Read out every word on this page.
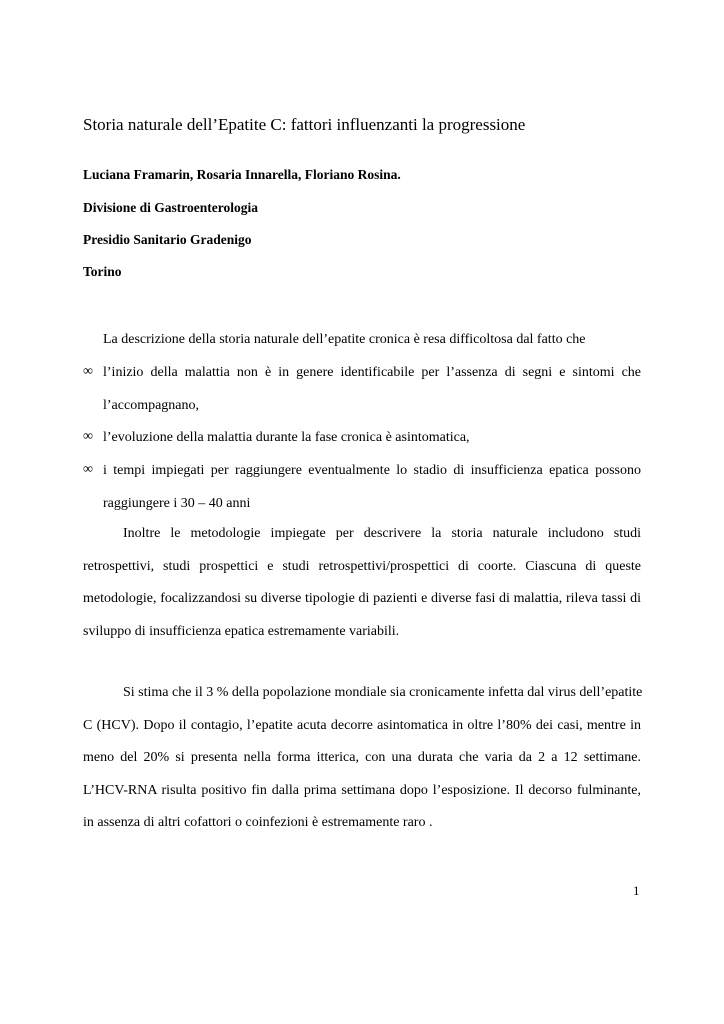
Storia naturale dell’Epatite C: fattori influenzanti la progressione
Luciana Framarin, Rosaria Innarella, Floriano Rosina.
Divisione di Gastroenterologia
Presidio Sanitario Gradenigo
Torino
La descrizione della storia naturale dell’epatite cronica è resa difficoltosa dal fatto che
∞ l’inizio della malattia non è in genere identificabile per l’assenza di segni e sintomi che
l’accompagnano,
∞ l’evoluzione della malattia durante la fase cronica è asintomatica,
∞ i tempi impiegati per raggiungere eventualmente lo stadio di insufficienza epatica possono
raggiungere i 30 – 40 anni
Inoltre le metodologie impiegate per descrivere la storia naturale includono studi
retrospettivi, studi prospettici e studi retrospettivi/prospettici di coorte. Ciascuna di queste
metodologie, focalizzandosi su diverse tipologie di pazienti e diverse fasi di malattia, rileva tassi di
sviluppo di insufficienza epatica estremamente variabili.
Si stima che il 3 % della popolazione mondiale sia cronicamente infetta dal virus dell’epatite
C (HCV). Dopo il contagio, l’epatite acuta decorre asintomatica in oltre l’80% dei casi, mentre in
meno del 20% si presenta nella forma itterica, con una durata che varia da 2 a 12 settimane.
L’HCV-RNA risulta positivo fin dalla prima settimana dopo l’esposizione. Il decorso fulminante,
in assenza di altri cofattori o coinfezioni è estremamente raro .
1
